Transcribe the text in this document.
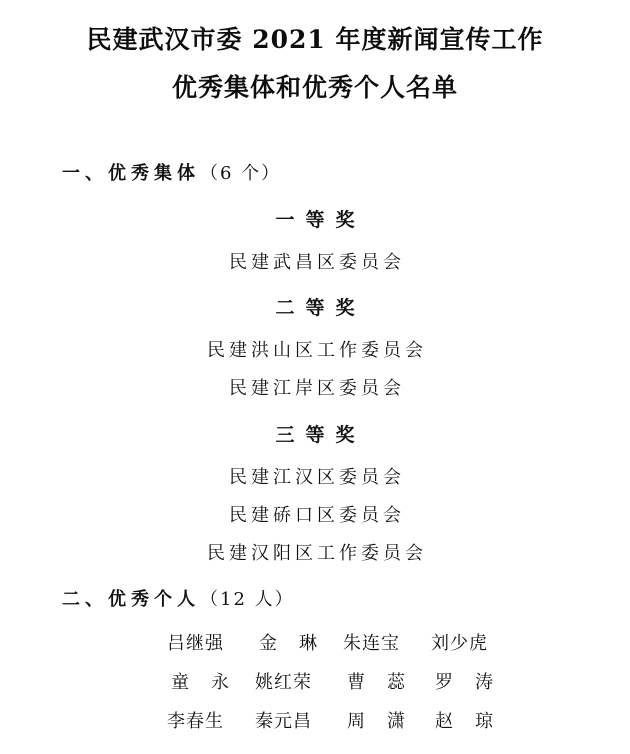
民建武汉市委 2021 年度新闻宣传工作
优秀集体和优秀个人名单
一、优秀集体（6 个）
一等奖
民建武昌区委员会
二等奖
民建洪山区工作委员会
民建江岸区委员会
三等奖
民建江汉区委员会
民建硚口区委员会
民建汉阳区工作委员会
二、优秀个人（12 人）
吕继强	金琳 朱连宝	刘少虎
童永 姚红荣	曹蕊 罗涛
李春生	秦元昌	周潇 赵琼
